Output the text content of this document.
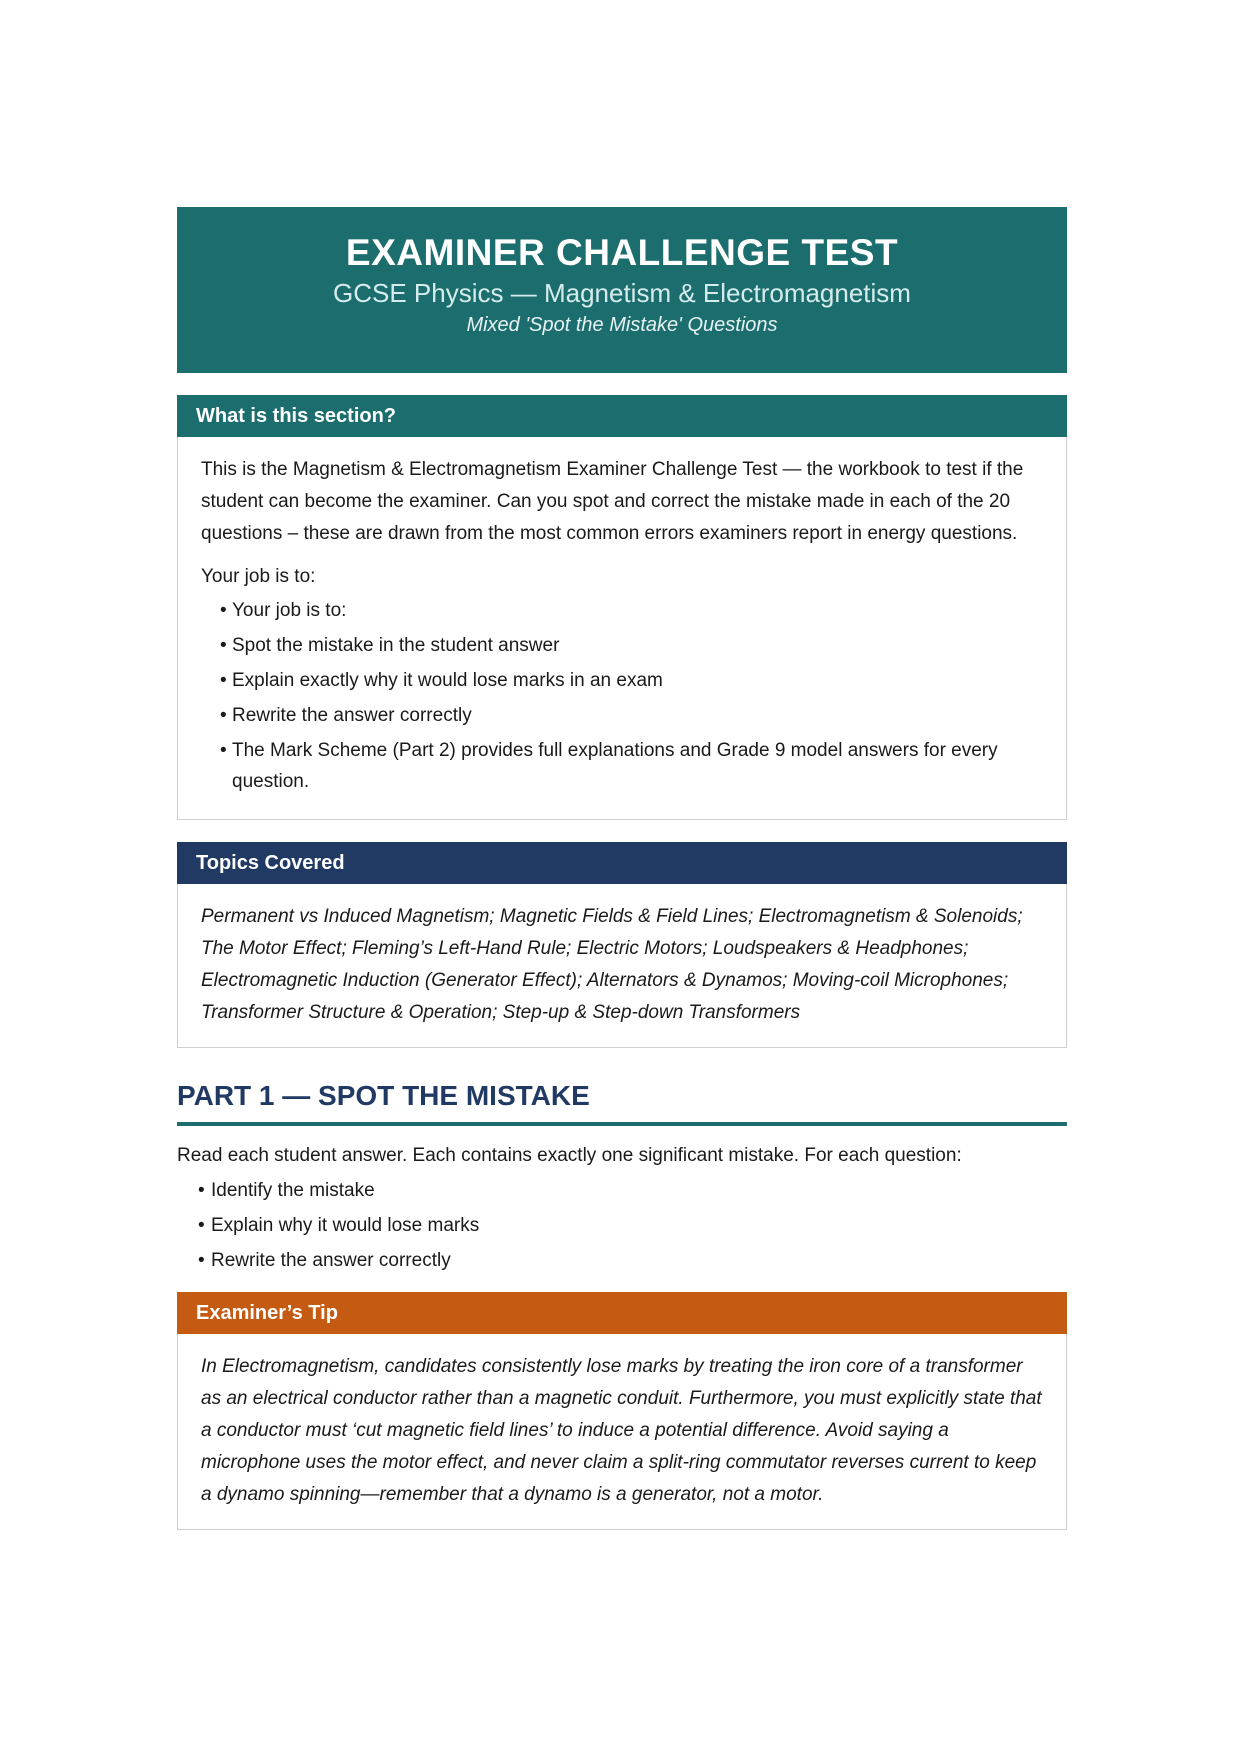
EXAMINER CHALLENGE TEST
GCSE Physics — Magnetism & Electromagnetism
Mixed 'Spot the Mistake' Questions
What is this section?

This is the Magnetism & Electromagnetism Examiner Challenge Test — the workbook to test if the student can become the examiner. Can you spot and correct the mistake made in each of the 20 questions – these are drawn from the most common errors examiners report in energy questions.

Your job is to:

• Your job is to:
• Spot the mistake in the student answer
• Explain exactly why it would lose marks in an exam
• Rewrite the answer correctly
• The Mark Scheme (Part 2) provides full explanations and Grade 9 model answers for every question.
Topics Covered

Permanent vs Induced Magnetism; Magnetic Fields & Field Lines; Electromagnetism & Solenoids; The Motor Effect; Fleming’s Left-Hand Rule; Electric Motors; Loudspeakers & Headphones; Electromagnetic Induction (Generator Effect); Alternators & Dynamos; Moving-coil Microphones; Transformer Structure & Operation; Step-up & Step-down Transformers

PART 1 — SPOT THE MISTAKE
Read each student answer. Each contains exactly one significant mistake. For each question:
• Identify the mistake
• Explain why it would lose marks
• Rewrite the answer correctly
Examiner’s Tip

In Electromagnetism, candidates consistently lose marks by treating the iron core of a transformer as an electrical conductor rather than a magnetic conduit. Furthermore, you must explicitly state that a conductor must ‘cut magnetic field lines’ to induce a potential difference. Avoid saying a microphone uses the motor effect, and never claim a split-ring commutator reverses current to keep a dynamo spinning—remember that a dynamo is a generator, not a motor.
